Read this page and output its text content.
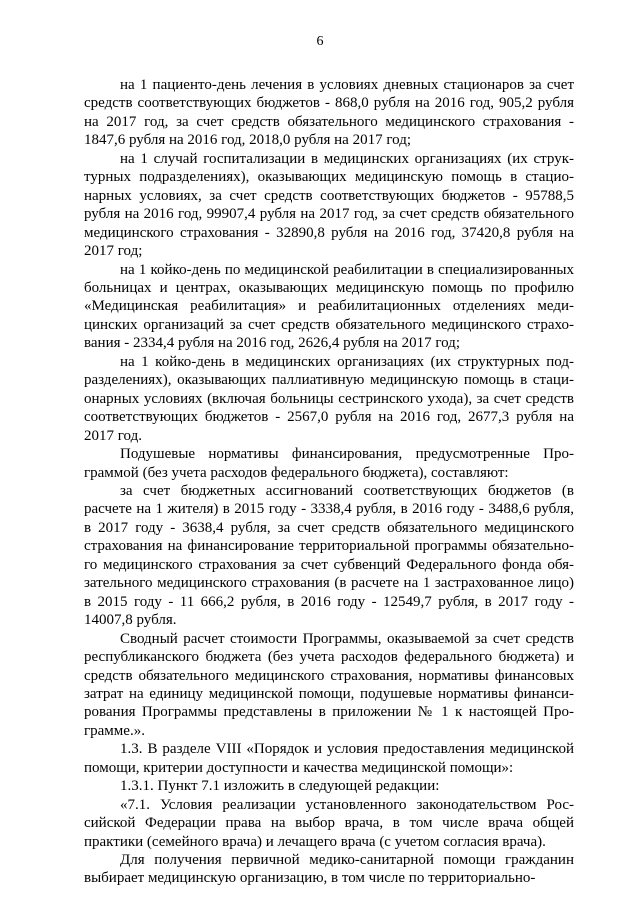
6

на 1 пациенто-день лечения в условиях дневных стационаров за счет средств соответствующих бюджетов - 868,0 рубля на 2016 год, 905,2 рубля на 2017 год, за счет средств обязательного медицинского страхования - 1847,6 рубля на 2016 год, 2018,0 рубля на 2017 год;

на 1 случай госпитализации в медицинских организациях (их структурных подразделениях), оказывающих медицинскую помощь в стационарных условиях, за счет средств соответствующих бюджетов - 95788,5 рубля на 2016 год, 99907,4 рубля на 2017 год, за счет средств обязательного медицинского страхования - 32890,8 рубля на 2016 год, 37420,8 рубля на 2017 год;

на 1 койко-день по медицинской реабилитации в специализированных больницах и центрах, оказывающих медицинскую помощь по профилю «Медицинская реабилитация» и реабилитационных отделениях медицинских организаций за счет средств обязательного медицинского страхования - 2334,4 рубля на 2016 год, 2626,4 рубля на 2017 год;

на 1 койко-день в медицинских организациях (их структурных подразделениях), оказывающих паллиативную медицинскую помощь в стационарных условиях (включая больницы сестринского ухода), за счет средств соответствующих бюджетов - 2567,0 рубля на 2016 год, 2677,3 рубля на 2017 год.

Подушевые нормативы финансирования, предусмотренные Программой (без учета расходов федерального бюджета), составляют:

за счет бюджетных ассигнований соответствующих бюджетов (в расчете на 1 жителя) в 2015 году - 3338,4 рубля, в 2016 году - 3488,6 рубля, в 2017 году - 3638,4 рубля, за счет средств обязательного медицинского страхования на финансирование территориальной программы обязательного медицинского страхования за счет субвенций Федерального фонда обязательного медицинского страхования (в расчете на 1 застрахованное лицо) в 2015 году - 11 666,2 рубля, в 2016 году - 12549,7 рубля, в 2017 году - 14007,8 рубля.

Сводный расчет стоимости Программы, оказываемой за счет средств республиканского бюджета (без учета расходов федерального бюджета) и средств обязательного медицинского страхования, нормативы финансовых затрат на единицу медицинской помощи, подушевые нормативы финансирования Программы представлены в приложении № 1 к настоящей Программе.».

1.3. В разделе VIII «Порядок и условия предоставления медицинской помощи, критерии доступности и качества медицинской помощи»:

1.3.1. Пункт 7.1 изложить в следующей редакции:

«7.1. Условия реализации установленного законодательством Российской Федерации права на выбор врача, в том числе врача общей практики (семейного врача) и лечащего врача (с учетом согласия врача).

Для получения первичной медико-санитарной помощи гражданин выбирает медицинскую организацию, в том числе по территориально-
